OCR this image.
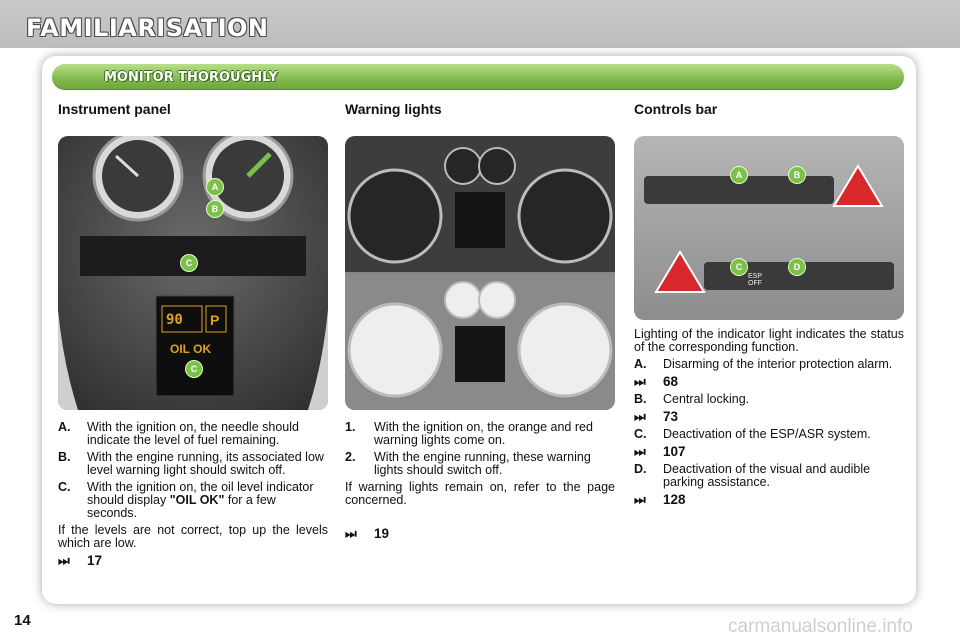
FAMILIARISATION
MONITOR THOROUGHLY
Instrument panel	Warning lights	Controls bar
A
B
C
C
90 P
OIL OK
A	B
C	D
ESP
OFF
A.	With the ignition on, the needle should indicate the level of fuel remaining.
B.	With the engine running, its associated low level warning light should switch off.
C.	With the ignition on, the oil level indicator should display "OIL OK" for a few seconds.
If the levels are not correct, top up the levels which are low.
⏭	17
1.	With the ignition on, the orange and red warning lights come on.
2.	With the engine running, these warning lights should switch off.
If warning lights remain on, refer to the page concerned.
⏭	19
Lighting of the indicator light indicates the status of the corresponding function.
A.	Disarming of the interior protection alarm.
⏭	68
B.	Central locking.
⏭	73
C.	Deactivation of the ESP/ASR system.
⏭	107
D.	Deactivation of the visual and audible parking assistance.
⏭	128
14	carmanualsonline.info
